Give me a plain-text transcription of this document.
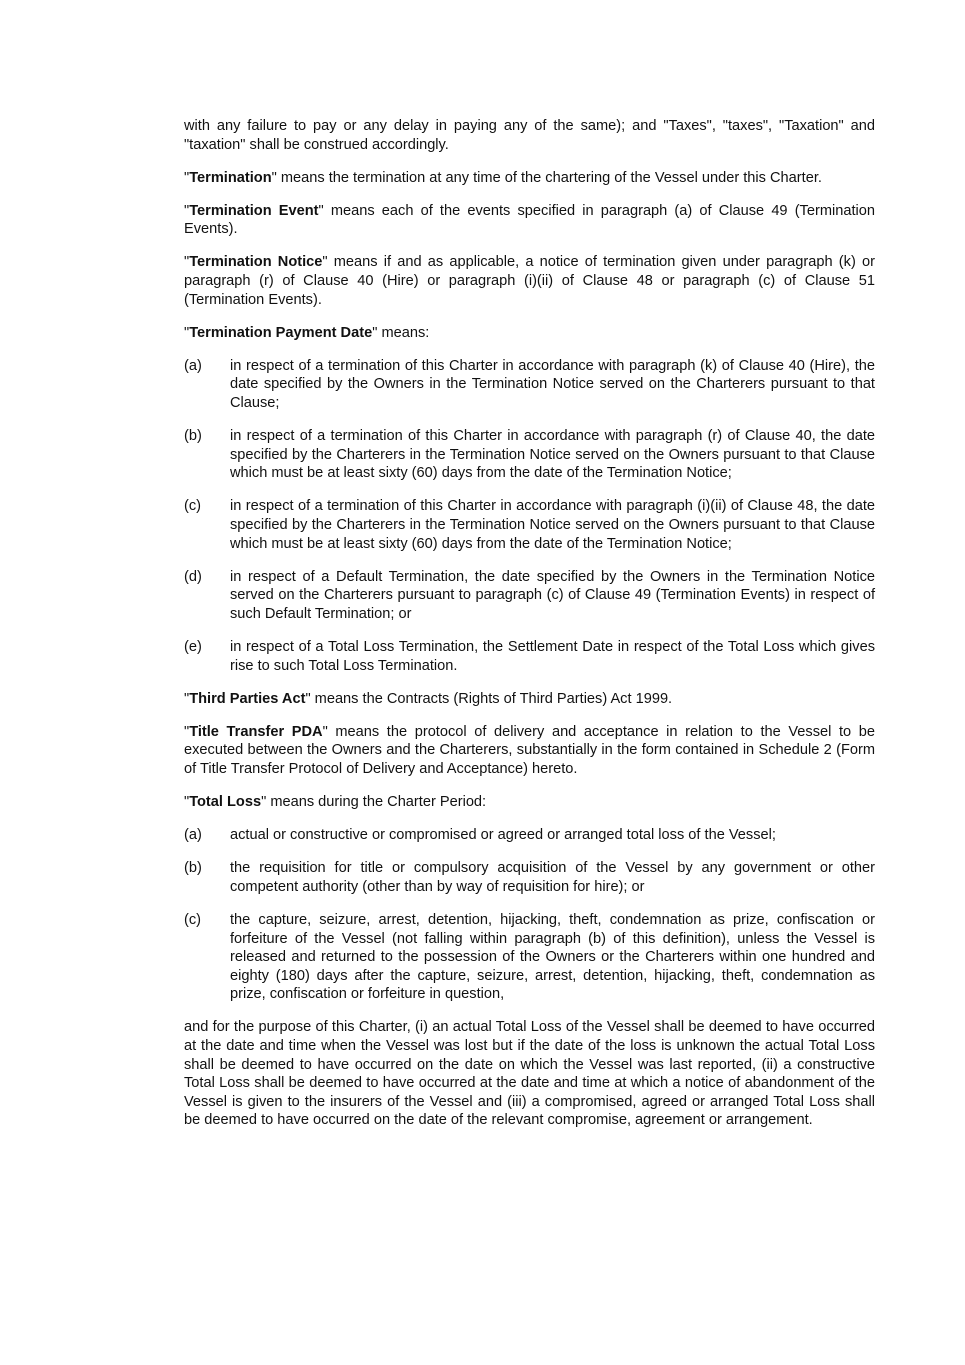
with any failure to pay or any delay in paying any of the same); and "Taxes", "taxes", "Taxation" and "taxation" shall be construed accordingly.

"Termination" means the termination at any time of the chartering of the Vessel under this Charter.

"Termination Event" means each of the events specified in paragraph (a) of Clause 49 (Termination Events).

"Termination Notice" means if and as applicable, a notice of termination given under paragraph (k) or paragraph (r) of Clause 40 (Hire) or paragraph (i)(ii) of Clause 48 or paragraph (c) of Clause 51 (Termination Events).

"Termination Payment Date" means:

(a)	in respect of a termination of this Charter in accordance with paragraph (k) of Clause 40 (Hire), the date specified by the Owners in the Termination Notice served on the Charterers pursuant to that Clause;
(b)	in respect of a termination of this Charter in accordance with paragraph (r) of Clause 40, the date specified by the Charterers in the Termination Notice served on the Owners pursuant to that Clause which must be at least sixty (60) days from the date of the Termination Notice;
(c)	in respect of a termination of this Charter in accordance with paragraph (i)(ii) of Clause 48, the date specified by the Charterers in the Termination Notice served on the Owners pursuant to that Clause which must be at least sixty (60) days from the date of the Termination Notice;
(d)	in respect of a Default Termination, the date specified by the Owners in the Termination Notice served on the Charterers pursuant to paragraph (c) of Clause 49 (Termination Events) in respect of such Default Termination; or
(e)	in respect of a Total Loss Termination, the Settlement Date in respect of the Total Loss which gives rise to such Total Loss Termination.

"Third Parties Act" means the Contracts (Rights of Third Parties) Act 1999.

"Title Transfer PDA" means the protocol of delivery and acceptance in relation to the Vessel to be executed between the Owners and the Charterers, substantially in the form contained in Schedule 2 (Form of Title Transfer Protocol of Delivery and Acceptance) hereto.

"Total Loss" means during the Charter Period:

(a)	actual or constructive or compromised or agreed or arranged total loss of the Vessel;
(b)	the requisition for title or compulsory acquisition of the Vessel by any government or other competent authority (other than by way of requisition for hire); or
(c)	the capture, seizure, arrest, detention, hijacking, theft, condemnation as prize, confiscation or forfeiture of the Vessel (not falling within paragraph (b) of this definition), unless the Vessel is released and returned to the possession of the Owners or the Charterers within one hundred and eighty (180) days after the capture, seizure, arrest, detention, hijacking, theft, condemnation as prize, confiscation or forfeiture in question,

and for the purpose of this Charter, (i) an actual Total Loss of the Vessel shall be deemed to have occurred at the date and time when the Vessel was lost but if the date of the loss is unknown the actual Total Loss shall be deemed to have occurred on the date on which the Vessel was last reported, (ii) a constructive Total Loss shall be deemed to have occurred at the date and time at which a notice of abandonment of the Vessel is given to the insurers of the Vessel and (iii) a compromised, agreed or arranged Total Loss shall be deemed to have occurred on the date of the relevant compromise, agreement or arrangement.
